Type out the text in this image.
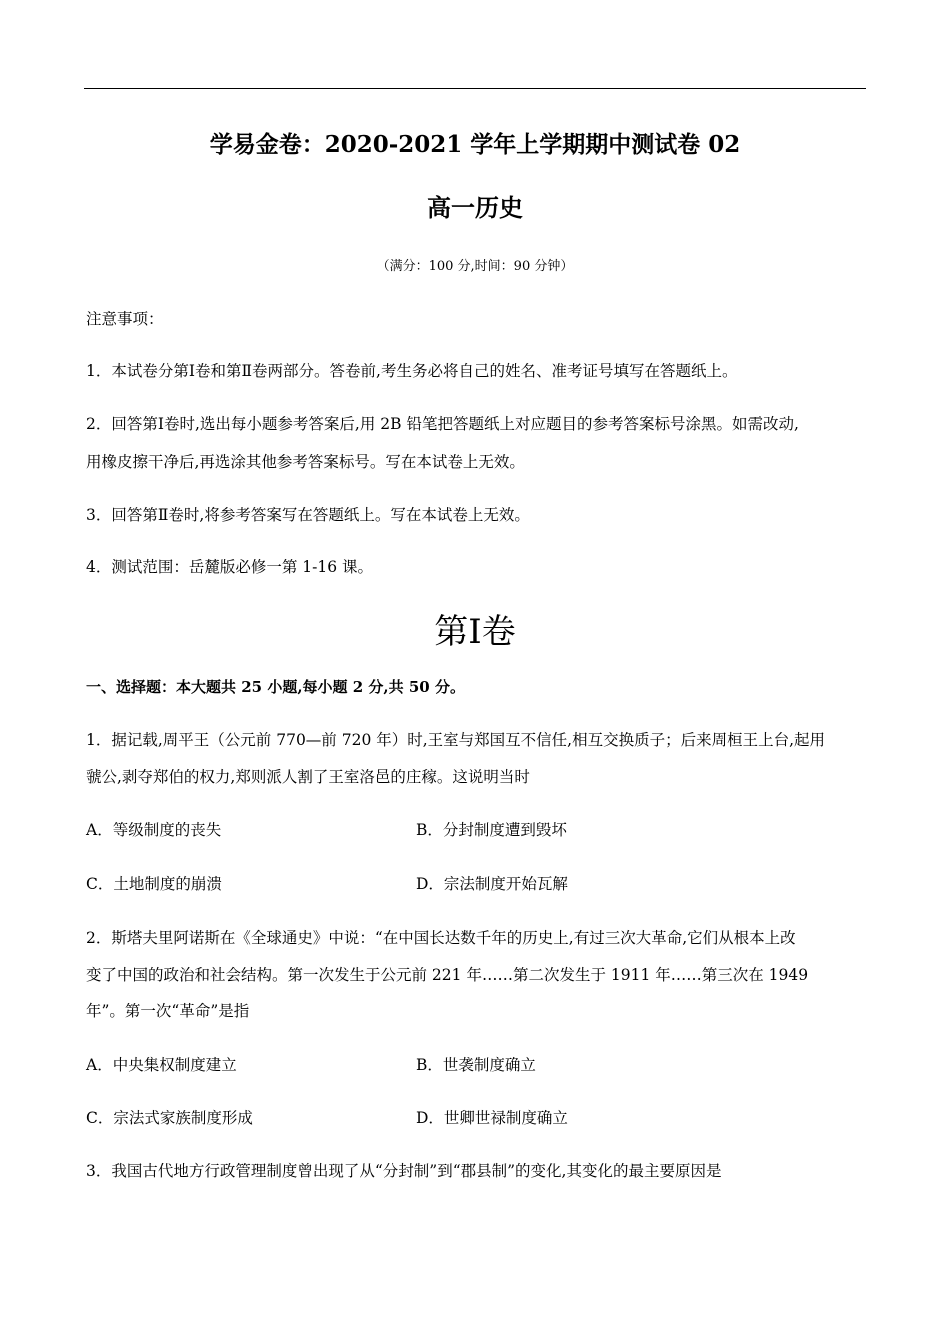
学易金卷：2020-2021 学年上学期期中测试卷 02
高一历史
（满分：100 分,时间：90 分钟）
注意事项：
1．本试卷分第Ⅰ卷和第Ⅱ卷两部分。答卷前,考生务必将自己的姓名、准考证号填写在答题纸上。
2．回答第Ⅰ卷时,选出每小题参考答案后,用 2B 铅笔把答题纸上对应题目的参考答案标号涂黑。如需改动,
用橡皮擦干净后,再选涂其他参考答案标号。写在本试卷上无效。
3．回答第Ⅱ卷时,将参考答案写在答题纸上。写在本试卷上无效。
4．测试范围：岳麓版必修一第 1-16 课。
第Ⅰ卷
一、选择题：本大题共 25 小题,每小题 2 分,共 50 分。
1．据记载,周平王（公元前 770—前 720 年）时,王室与郑国互不信任,相互交换质子；后来周桓王上台,起用
虢公,剥夺郑伯的权力,郑则派人割了王室洛邑的庄稼。这说明当时
A．等级制度的丧失	B．分封制度遭到毁坏
C．土地制度的崩溃	D．宗法制度开始瓦解
2．斯塔夫里阿诺斯在《全球通史》中说：“在中国长达数千年的历史上,有过三次大革命,它们从根本上改
变了中国的政治和社会结构。第一次发生于公元前 221 年……第二次发生于 1911 年……第三次在 1949
年”。第一次“革命”是指
A．中央集权制度建立	B．世袭制度确立
C．宗法式家族制度形成	D．世卿世禄制度确立
3．我国古代地方行政管理制度曾出现了从“分封制”到“郡县制”的变化,其变化的最主要原因是
